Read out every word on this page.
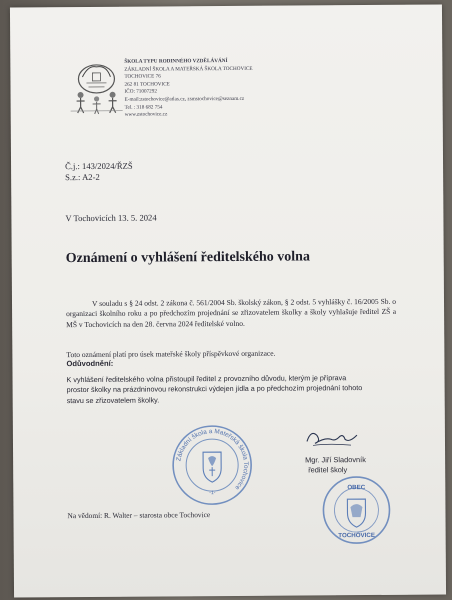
ŠKOLA TYPU RODINNÉHO VZDĚLÁVÁNÍ
ZÁKLADNÍ ŠKOLA A MATEŘSKÁ ŠKOLA TOCHOVICE
TOCHOVICE 76
262 81 TOCHOVICE
IČO: 71007292
E-mail:zstochovice@atlas.cz, zsmstochovice@seznam.cz
Tel. : 318 682 754
www.zstochovice.cz
Č.j.: 143/2024/ŘZŠ
S.z.: A2-2
V Tochovicích 13. 5. 2024
Oznámení o vyhlášení ředitelského volna
V souladu s § 24 odst. 2 zákona č. 561/2004 Sb. školský zákon, § 2 odst. 5 vyhlášky č. 16/2005 Sb. o organizaci školního roku a po předchozím projednání se zřizovatelem školky a školy vyhlašuje ředitel ZŠ a MŠ v Tochovicích na den 28. června 2024 ředitelské volno.
Toto oznámení platí pro úsek mateřské školy příspěvkové organizace.
Odůvodnění:
K vyhlášení ředitelského volna přistoupil ředitel z provozního důvodu, kterým je příprava
prostor školky na prázdninovou rekonstrukci výdejen jídla a po předchozím projednání tohoto
stavu se zřizovatelem školky.
Základní škola a Mateřská škola Tochovice
-1-
Mgr. Jiří Sladovník
ředitel školy
OBEC
TOCHOVICE
Na vědomí: R. Walter – starosta obce Tochovice
